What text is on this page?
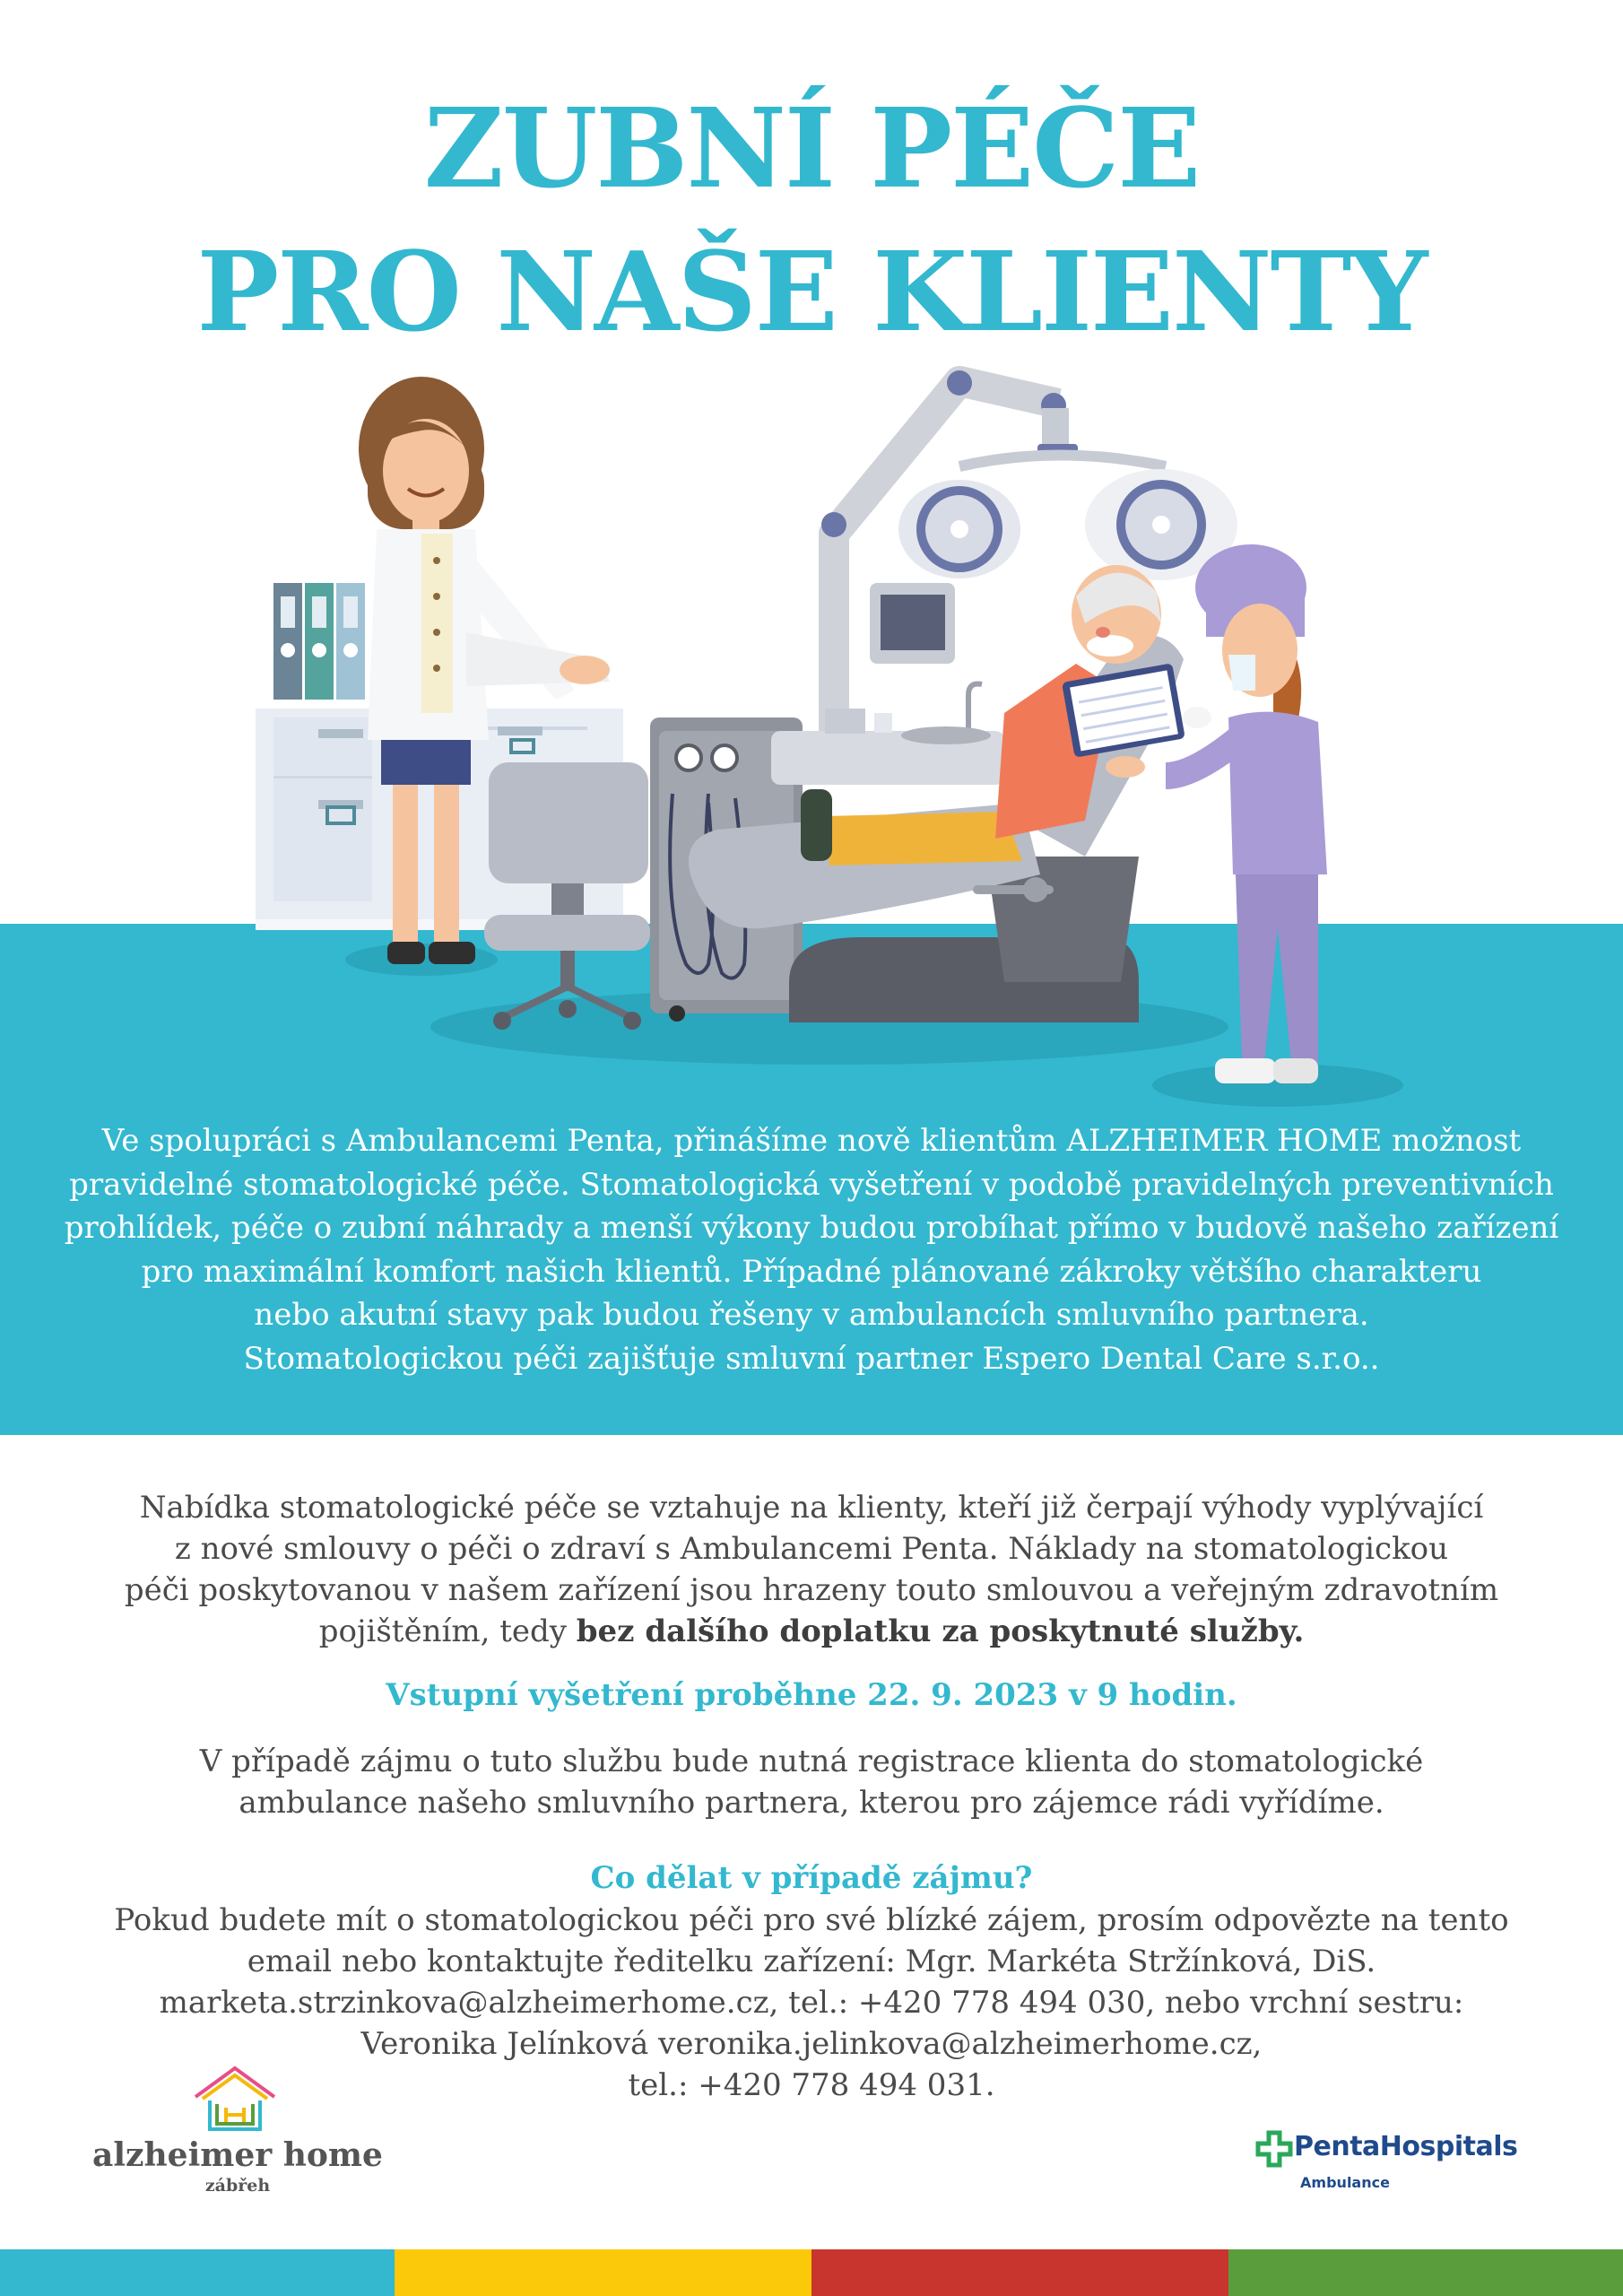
ZUBNÍ PÉČE
PRO NAŠE KLIENTY
Ve spolupráci s Ambulancemi Penta, přinášíme nově klientům ALZHEIMER HOME možnost
pravidelné stomatologické péče. Stomatologická vyšetření v podobě pravidelných preventivních
prohlídek, péče o zubní náhrady a menší výkony budou probíhat přímo v budově našeho zařízení
pro maximální komfort našich klientů. Případné plánované zákroky většího charakteru
nebo akutní stavy pak budou řešeny v ambulancích smluvního partnera.
Stomatologickou péči zajišťuje smluvní partner Espero Dental Care s.r.o..
Nabídka stomatologické péče se vztahuje na klienty, kteří již čerpají výhody vyplývající
z nové smlouvy o péči o zdraví s Ambulancemi Penta. Náklady na stomatologickou
péči poskytovanou v našem zařízení jsou hrazeny touto smlouvou a veřejným zdravotním
pojištěním, tedy bez dalšího doplatku za poskytnuté služby.
Vstupní vyšetření proběhne 22. 9. 2023 v 9 hodin.
V případě zájmu o tuto službu bude nutná registrace klienta do stomatologické
ambulance našeho smluvního partnera, kterou pro zájemce rádi vyřídíme.
Co dělat v případě zájmu?
Pokud budete mít o stomatologickou péči pro své blízké zájem, prosím odpovězte na tento
email nebo kontaktujte ředitelku zařízení: Mgr. Markéta Stržínková, DiS.
marketa.strzinkova@alzheimerhome.cz, tel.: +420 778 494 030, nebo vrchní sestru:
Veronika Jelínková veronika.jelinkova@alzheimerhome.cz,
tel.: +420 778 494 031.
alzheimer home
zábřeh
PentaHospitals
Ambulance
